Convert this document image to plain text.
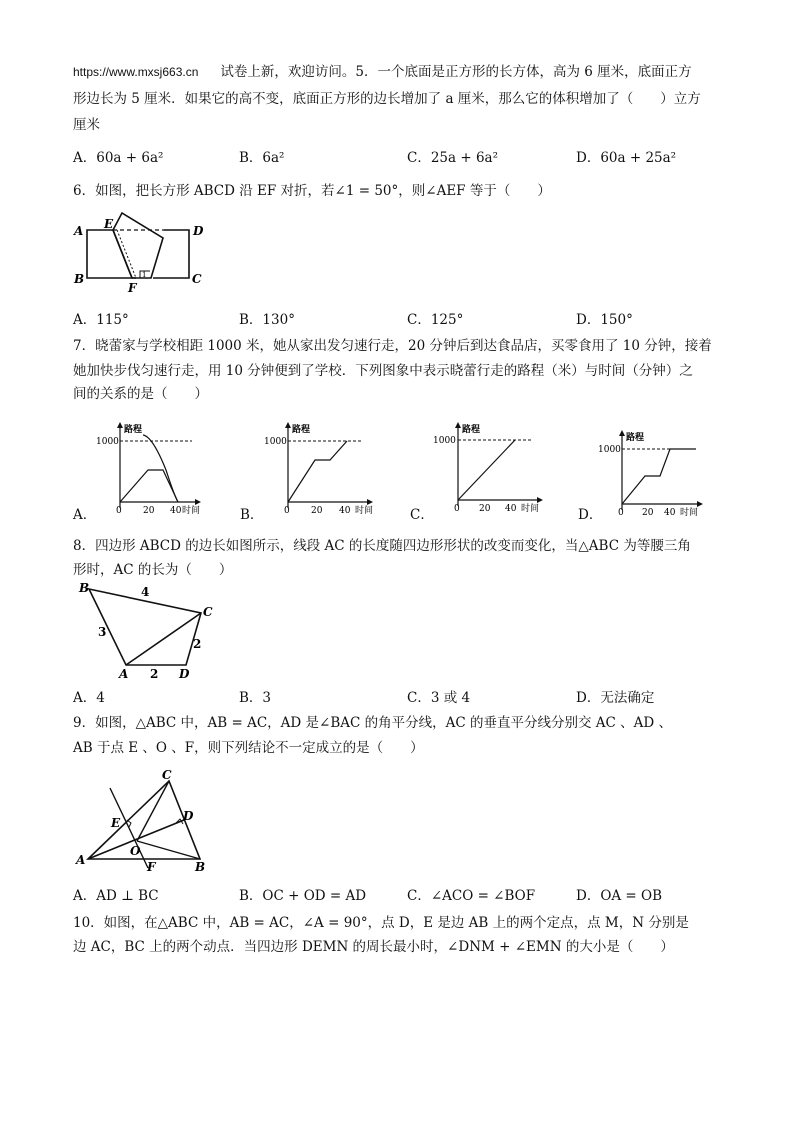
https://www.mxsj663.cn 试卷上新，欢迎访问。5．一个底面是正方形的长方体，高为 6 厘米，底面正方
形边长为 5 厘米．如果它的高不变，底面正方形的边长增加了 a 厘米，那么它的体积增加了（　　）立方
厘米
A．60a + 6a²	B．6a²	C．25a + 6a²	D．60a + 25a²
6．如图，把长方形 ABCD 沿 EF 对折，若∠1 = 50°，则∠AEF 等于（　　）
A E	D
B
F
C
1
A．115°	B．130°	C．125°	D．150°
7．晓蕾家与学校相距 1000 米，她从家出发匀速行走，20 分钟后到达食品店，买零食用了 10 分钟，接着
她加快步伐匀速行走，用 10 分钟便到了学校．下列图象中表示晓蕾行走的路程（米）与时间（分钟）之
间的关系的是（　　）
A．
路程
1000
0 20 40 时间	B．
路程
1000
0 20 40 时间	C．
路程
1000
0 20 40 时间	D．
路程
1000
0 20 40 时间
8．四边形 ABCD 的边长如图所示，线段 AC 的长度随四边形形状的改变而变化，当△ABC 为等腰三角
形时，AC 的长为（　　）
B	4
C
3
2
A 2 D
A．4	B．3	C．3 或 4	D．无法确定
9．如图，△ABC 中，AB = AC，AD 是∠BAC 的角平分线，AC 的垂直平分线分别交 AC 、AD 、
AB 于点 E 、O 、F，则下列结论不一定成立的是（　　）
C
E	D
O
A	F	B
A．AD ⊥ BC	B．OC + OD = AD	C．∠ACO = ∠BOF	D．OA = OB
10．如图，在△ABC 中，AB = AC，∠A = 90°，点 D，E 是边 AB 上的两个定点，点 M，N 分别是
边 AC，BC 上的两个动点．当四边形 DEMN 的周长最小时，∠DNM + ∠EMN 的大小是（　　）
